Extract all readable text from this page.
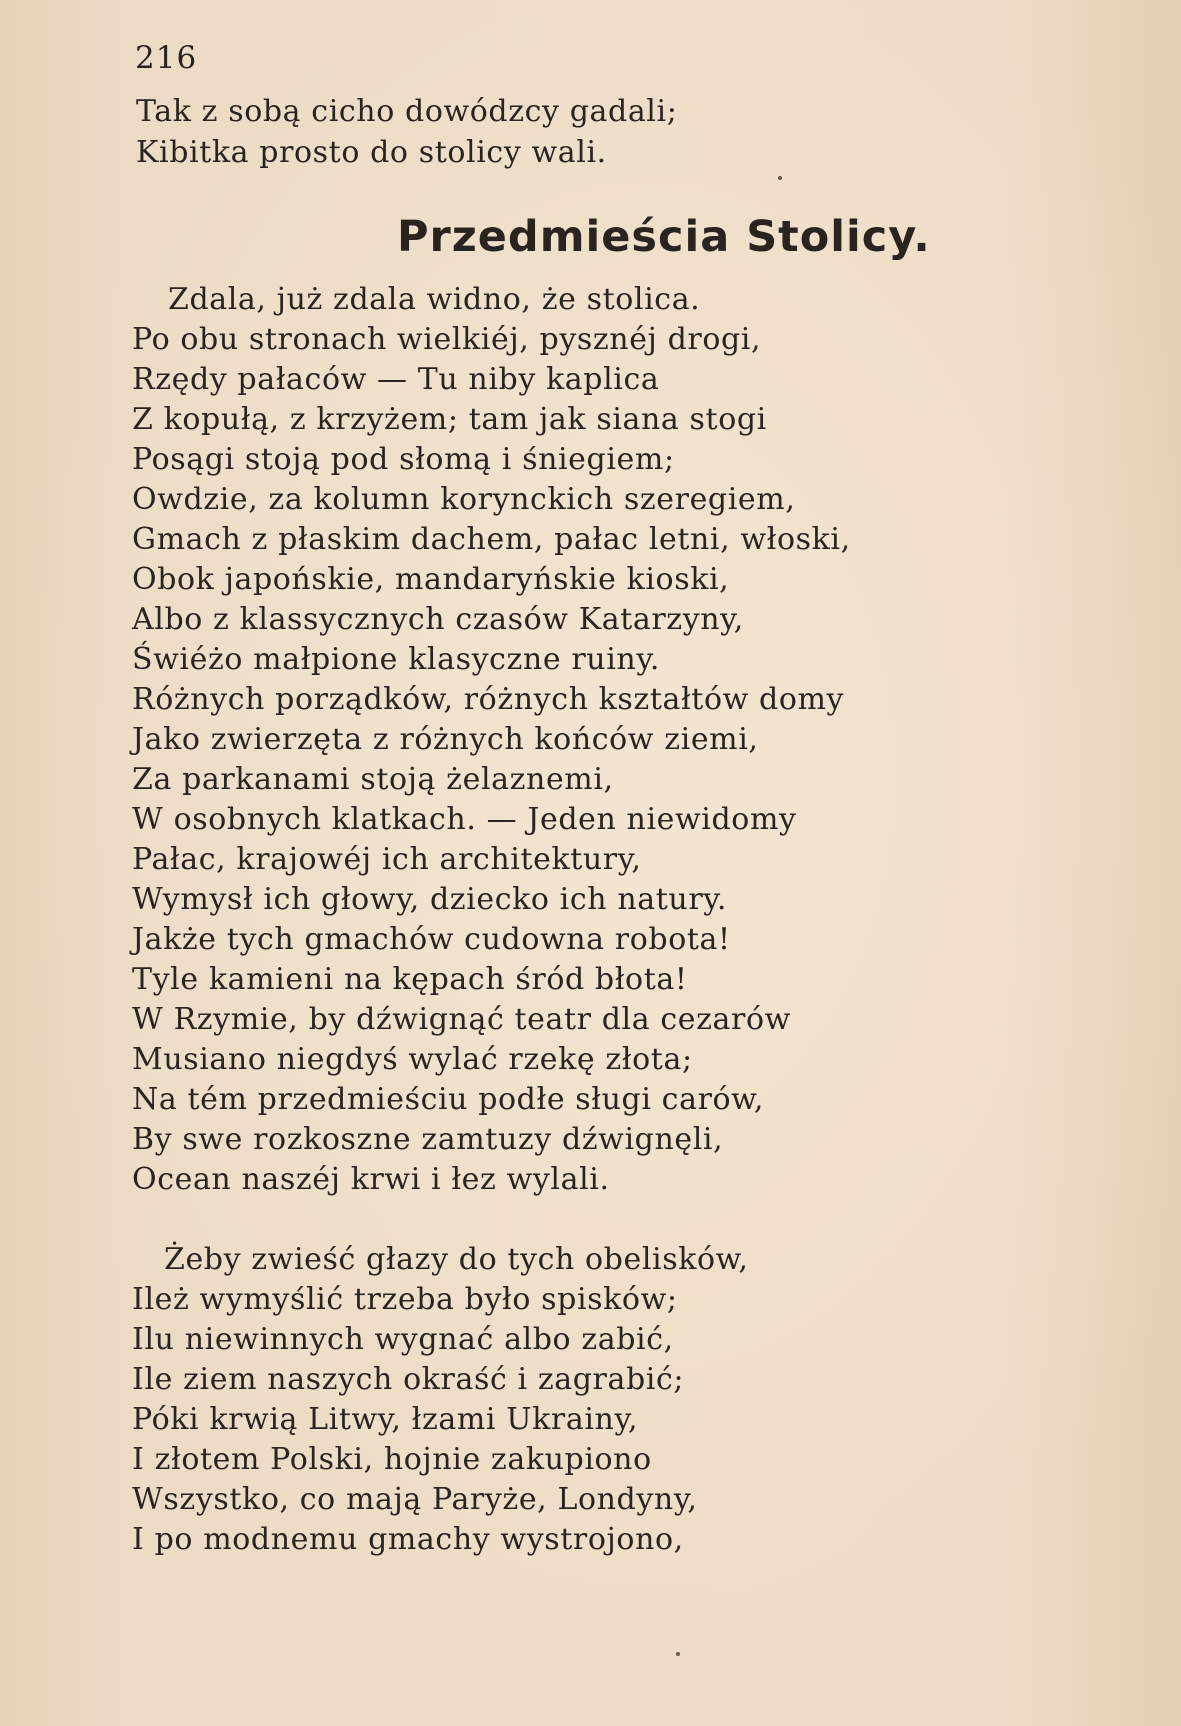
216
Tak z sobą cicho dowódzcy gadali;
Kibitka prosto do stolicy wali.
Przedmieścia Stolicy.
Zdala, już zdala widno, że stolica.
Po obu stronach wielkiéj, pysznéj drogi,
Rzędy pałaców — Tu niby kaplica
Z kopułą, z krzyżem; tam jak siana stogi
Posągi stoją pod słomą i śniegiem;
Owdzie, za kolumn korynckich szeregiem,
Gmach z płaskim dachem, pałac letni, włoski,
Obok japońskie, mandaryńskie kioski,
Albo z klassycznych czasów Katarzyny,
Świéżo małpione klasyczne ruiny.
Różnych porządków, różnych kształtów domy
Jako zwierzęta z różnych końców ziemi,
Za parkanami stoją żelaznemi,
W osobnych klatkach. — Jeden niewidomy
Pałac, krajowéj ich architektury,
Wymysł ich głowy, dziecko ich natury.
Jakże tych gmachów cudowna robota!
Tyle kamieni na kępach śród błota!
W Rzymie, by dźwignąć teatr dla cezarów
Musiano niegdyś wylać rzekę złota;
Na tém przedmieściu podłe sługi carów,
By swe rozkoszne zamtuzy dźwignęli,
Ocean naszéj krwi i łez wylali.
Żeby zwieść głazy do tych obelisków,
Ileż wymyślić trzeba było spisków;
Ilu niewinnych wygnać albo zabić,
Ile ziem naszych okraść i zagrabić;
Póki krwią Litwy, łzami Ukrainy,
I złotem Polski, hojnie zakupiono
Wszystko, co mają Paryże, Londyny,
I po modnemu gmachy wystrojono,
